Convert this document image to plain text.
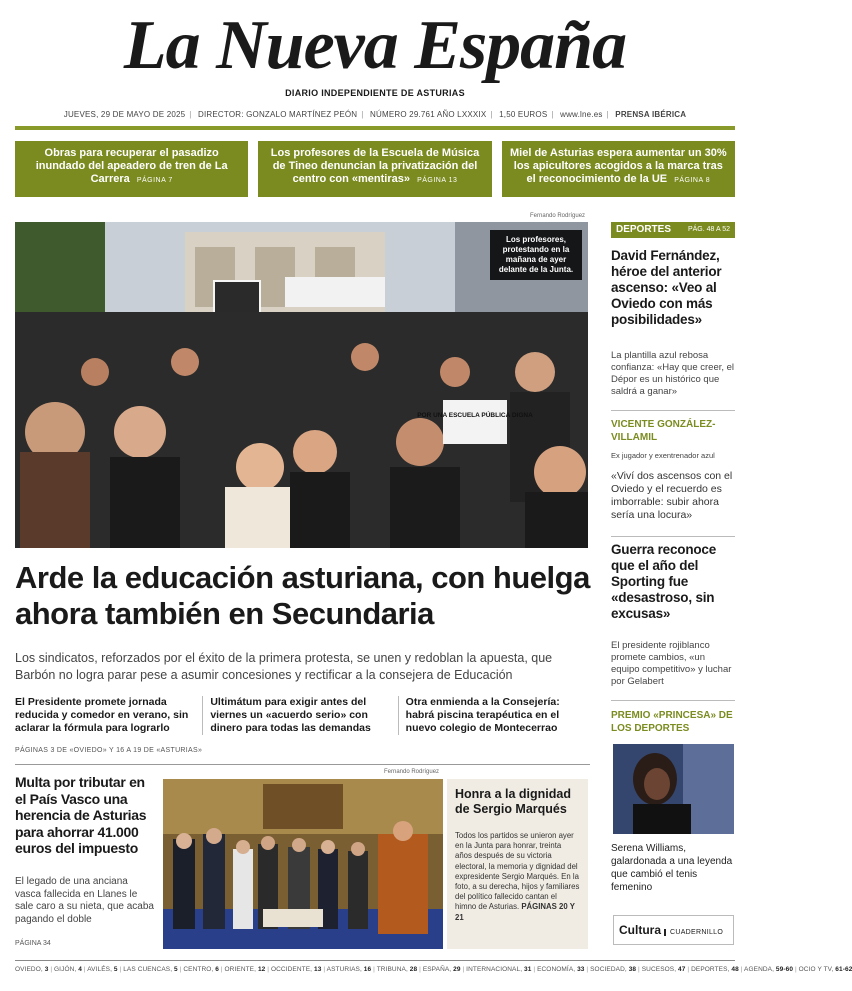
La Nueva España
DIARIO INDEPENDIENTE DE ASTURIAS
JUEVES, 29 DE MAYO DE 2025 | DIRECTOR: GONZALO MARTÍNEZ PEÓN | NÚMERO 29.761 AÑO LXXXIX | 1,50 EUROS | www.lne.es | PRENSA IBÉRICA
Obras para recuperar el pasadizo inundado del apeadero de tren de La Carrera PÁGINA 7
Los profesores de la Escuela de Música de Tineo denuncian la privatización del centro con «mentiras» PÁGINA 13
Miel de Asturias espera aumentar un 30% los apicultores acogidos a la marca tras el reconocimiento de la UE PÁGINA 8
Fernando Rodríguez
POR UNA ESCUELA PÚBLICA DIGNA
Los profesores, protestando en la mañana de ayer delante de la Junta.
Arde la educación asturiana, con huelga ahora también en Secundaria
Los sindicatos, reforzados por el éxito de la primera protesta, se unen y redoblan la apuesta, que Barbón no logra parar pese a asumir concesiones y rectificar a la consejera de Educación
El Presidente promete jornada reducida y comedor en verano, sin aclarar la fórmula para lograrlo
Ultimátum para exigir antes del viernes un «acuerdo serio» con dinero para todas las demandas
Otra enmienda a la Consejería: habrá piscina terapéutica en el nuevo colegio de Montecerrao
PÁGINAS 3 DE «OVIEDO» Y 16 A 19 DE «ASTURIAS»
DEPORTES PÁG. 48 A 52
David Fernández, héroe del anterior ascenso: «Veo al Oviedo con más posibilidades»
La plantilla azul rebosa confianza: «Hay que creer, el Dépor es un histórico que saldrá a ganar»
VICENTE GONZÁLEZ-VILLAMIL
Ex jugador y exentrenador azul
«Viví dos ascensos con el Oviedo y el recuerdo es imborrable: subir ahora sería una locura»
Guerra reconoce que el año del Sporting fue «desastroso, sin excusas»
El presidente rojiblanco promete cambios, «un equipo competitivo» y luchar por Gelabert
PREMIO «PRINCESA» DE LOS DEPORTES
Serena Williams, galardonada a una leyenda que cambió el tenis femenino
Cultura CUADERNILLO
Multa por tributar en el País Vasco una herencia de Asturias para ahorrar 41.000 euros del impuesto
El legado de una anciana vasca fallecida en Llanes le sale caro a su nieta, que acaba pagando el doble
PÁGINA 34
Fernando Rodríguez
Honra a la dignidad de Sergio Marqués
Todos los partidos se unieron ayer en la Junta para honrar, treinta años después de su victoria electoral, la memoria y dignidad del expresidente Sergio Marqués. En la foto, a su derecha, hijos y familiares del político fallecido cantan el himno de Asturias. PÁGINAS 20 Y 21
OVIEDO, 3 | GIJÓN, 4 | AVILÉS, 5 | LAS CUENCAS, 5 | CENTRO, 6 | ORIENTE, 12 | OCCIDENTE, 13 | ASTURIAS, 16 | TRIBUNA, 28 | ESPAÑA, 29 | INTERNACIONAL, 31 | ECONOMÍA, 33 | SOCIEDAD, 38 | SUCESOS, 47 | DEPORTES, 48 | AGENDA, 59-60 | OCIO Y TV, 61-62
